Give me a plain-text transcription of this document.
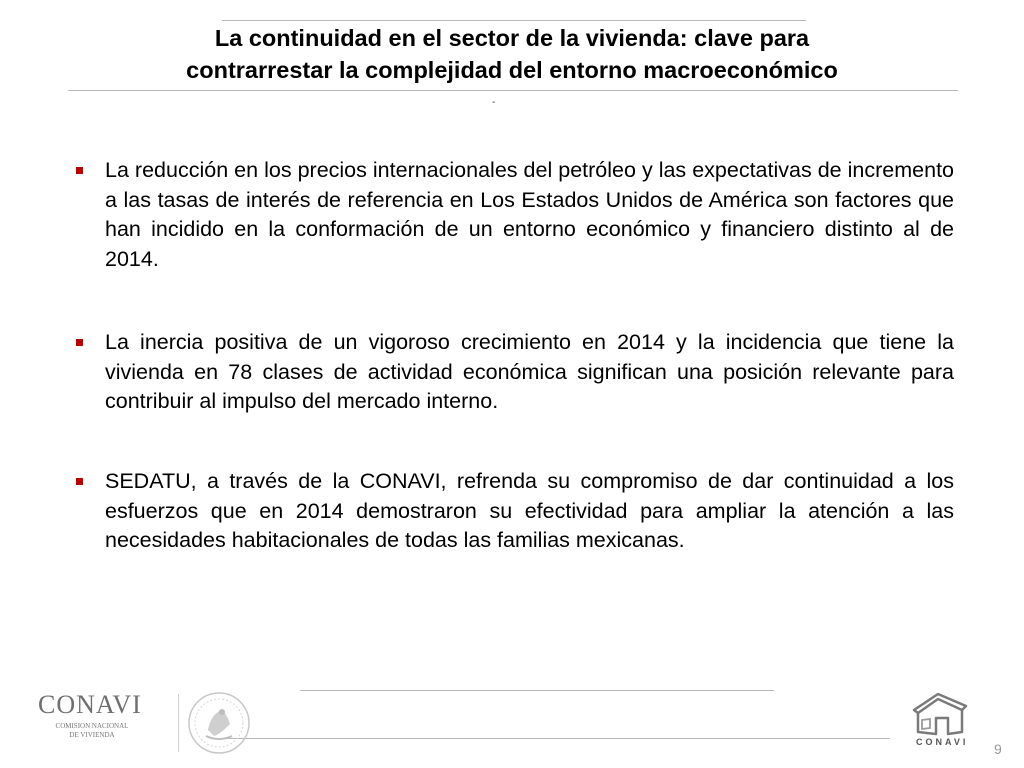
La continuidad en el sector de la vivienda: clave para
contrarrestar la complejidad del entorno macroeconómico
-
La reducción en los precios internacionales del petróleo y las expectativas de incremento a las tasas de interés de referencia en Los Estados Unidos de América son factores que han incidido en la conformación de un entorno económico y financiero distinto al de 2014.
La inercia positiva de un vigoroso crecimiento en 2014 y la incidencia que tiene la vivienda en 78 clases de actividad económica significan una posición relevante para contribuir al impulso del mercado interno.
SEDATU, a través de la CONAVI, refrenda su compromiso de dar continuidad a los esfuerzos que en 2014 demostraron su efectividad para ampliar la atención a las necesidades habitacionales de todas las familias mexicanas.
CONAVI
COMISION NACIONAL
DE VIVIENDA
CONAVI 9
